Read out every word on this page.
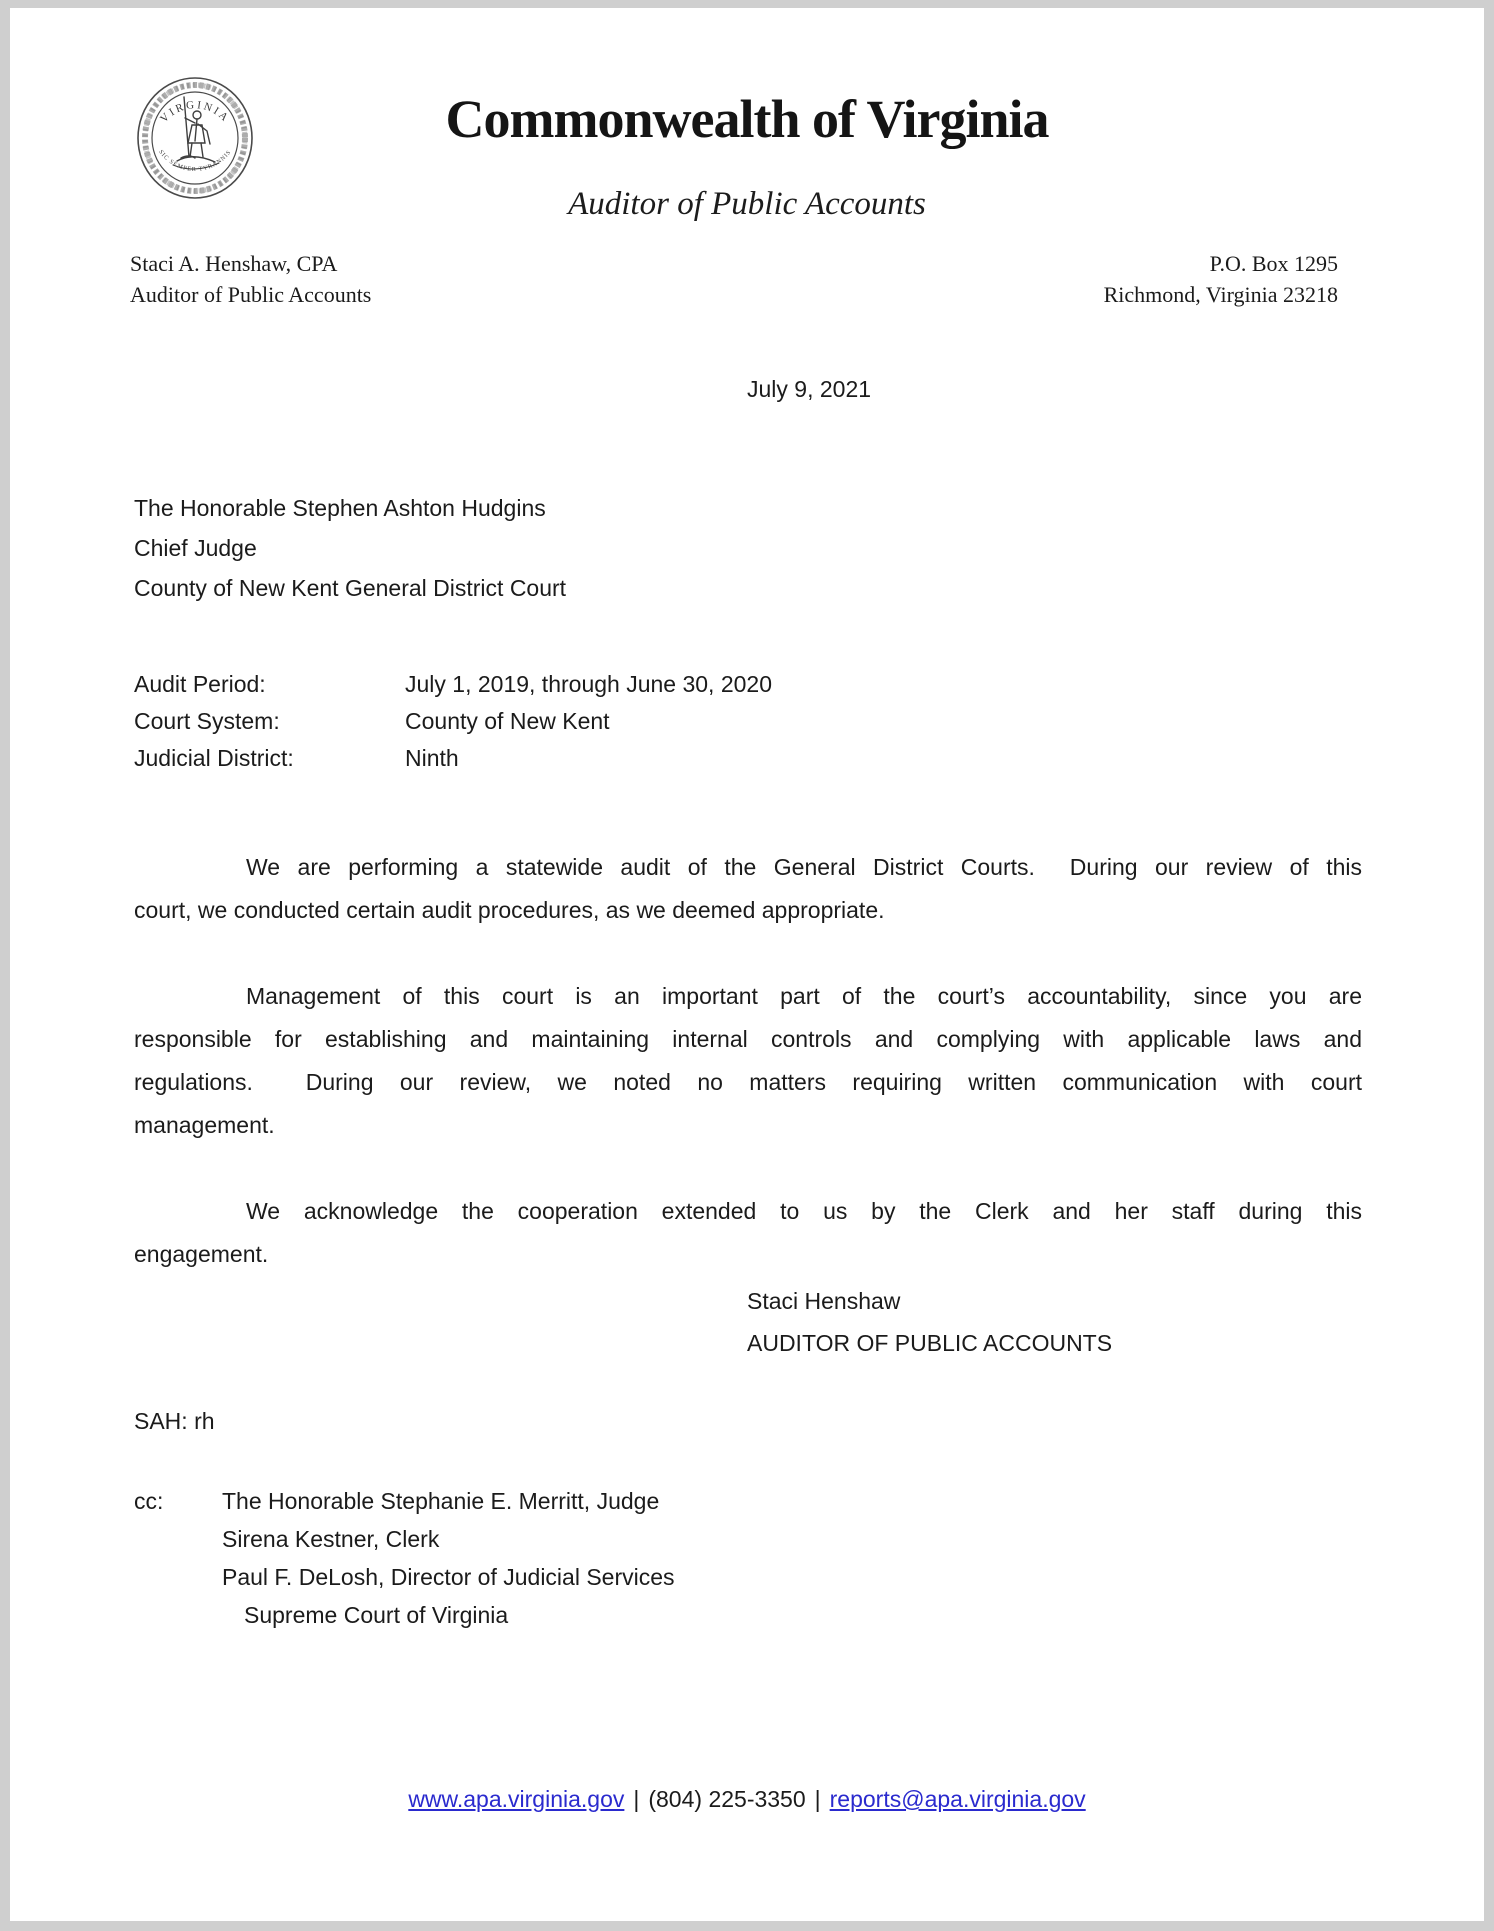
VIRGINIA
SIC SEMPER TYRANNIS
Commonwealth of Virginia
Auditor of Public Accounts
Staci A. Henshaw, CPA
Auditor of Public Accounts
P.O. Box 1295
Richmond, Virginia 23218
July 9, 2021
The Honorable Stephen Ashton Hudgins
Chief Judge
County of New Kent General District Court
Audit Period:	July 1, 2019, through June 30, 2020
Court System:	County of New Kent
Judicial District:	Ninth
We are performing a statewide audit of the General District Courts.  During our review of this
court, we conducted certain audit procedures, as we deemed appropriate.
Management of this court is an important part of the court’s accountability, since you are
responsible for establishing and maintaining internal controls and complying with applicable laws and
regulations.  During our review, we noted no matters requiring written communication with court
management.
We acknowledge the cooperation extended to us by the Clerk and her staff during this
engagement.
Staci Henshaw
AUDITOR OF PUBLIC ACCOUNTS
SAH: rh
cc:	The Honorable Stephanie E. Merritt, Judge
Sirena Kestner, Clerk
Paul F. DeLosh, Director of Judicial Services
Supreme Court of Virginia
www.apa.virginia.gov | (804) 225-3350 | reports@apa.virginia.gov
